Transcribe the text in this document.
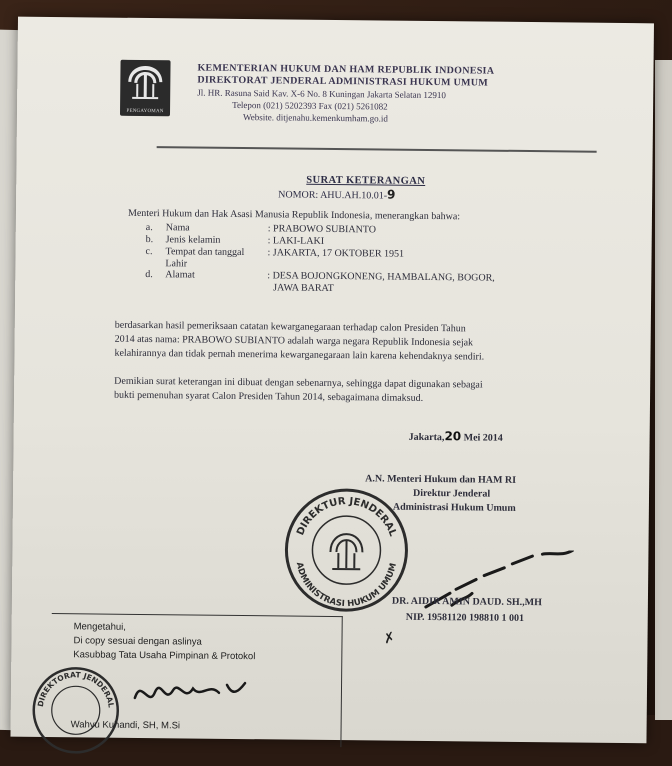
PENGAYOMAN
KEMENTERIAN HUKUM DAN HAM REPUBLIK INDONESIA
DIREKTORAT JENDERAL ADMINISTRASI HUKUM UMUM
Jl. HR. Rasuna Said Kav. X-6 No. 8 Kuningan Jakarta Selatan 12910
Telepon (021) 5202393 Fax (021) 5261082
Website. ditjenahu.kemenkumham.go.id
SURAT KETERANGAN
NOMOR: AHU.AH.10.01-9
Menteri Hukum dan Hak Asasi Manusia Republik Indonesia, menerangkan bahwa:
a. Nama	: PRABOWO SUBIANTO
b. Jenis kelamin	: LAKI-LAKI
c. Tempat dan tanggal
Lahir
: JAKARTA, 17 OKTOBER 1951
d. Alamat	: DESA BOJONGKONENG, HAMBALANG, BOGOR,
JAWA BARAT
berdasarkan hasil pemeriksaan catatan kewarganegaraan terhadap calon Presiden Tahun
2014 atas nama: PRABOWO SUBIANTO adalah warga negara Republik Indonesia sejak
kelahirannya dan tidak pernah menerima kewarganegaraan lain karena kehendaknya sendiri.
Demikian surat keterangan ini dibuat dengan sebenarnya, sehingga dapat digunakan sebagai
bukti pemenuhan syarat Calon Presiden Tahun 2014, sebagaimana dimaksud.
Jakarta,20 Mei 2014
A.N. Menteri Hukum dan HAM RI
Direktur Jenderal
Administrasi Hukum Umum
DIREKTUR JENDERAL
ADMINISTRASI HUKUM UMUM
DR. AIDIR AMIN DAUD. SH.,MH
✗
NIP. 19581120 198810 1 001
Mengetahui,
Di copy sesuai dengan aslinya
Kasubbag Tata Usaha Pimpinan & Protokol
DIREKTORAT JENDERAL
Wahyu Kuhandi, SH, M.Si
